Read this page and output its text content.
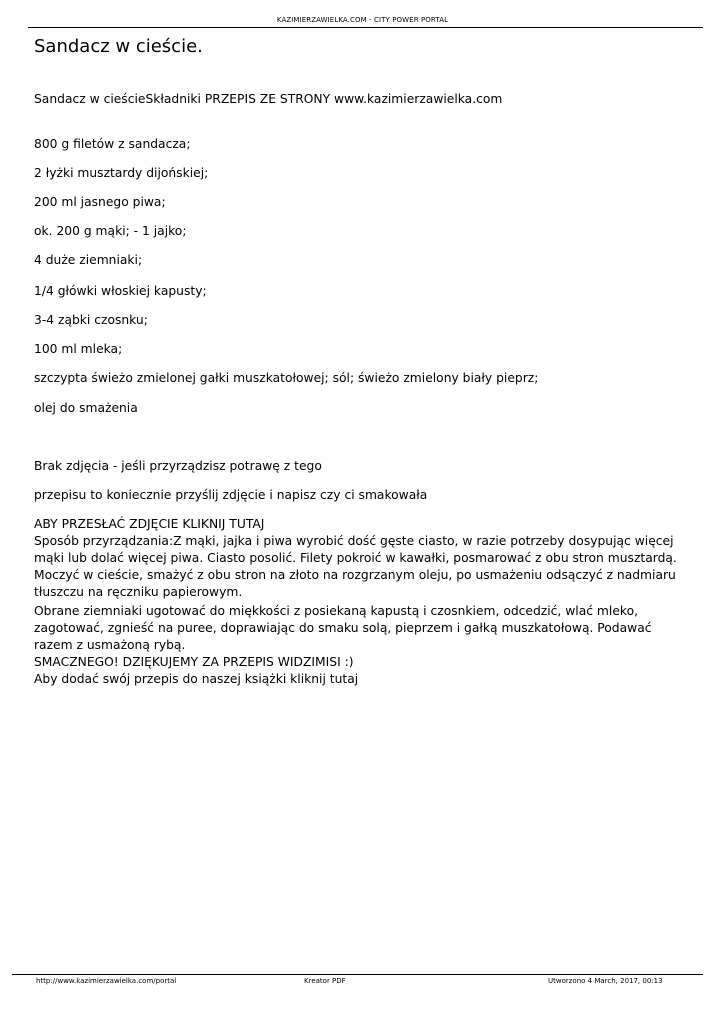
KAZIMIERZAWIELKA.COM - CITY POWER PORTAL
Sandacz w cieście.
Sandacz w cieścieSkładniki PRZEPIS ZE STRONY www.kazimierzawielka.com
800 g filetów z sandacza;
2 łyżki musztardy dijońskiej;
200 ml jasnego piwa;
ok. 200 g mąki; - 1 jajko;
4 duże ziemniaki;
1/4 główki włoskiej kapusty;
3-4 ząbki czosnku;
100 ml mleka;
szczypta świeżo zmielonej gałki muszkatołowej; sól; świeżo zmielony biały pieprz;
olej do smażenia
Brak zdjęcia - jeśli przyrządzisz potrawę z tego
przepisu to koniecznie przyślij zdjęcie i napisz czy ci smakowała
ABY PRZESŁAĆ ZDJĘCIE KLIKNIJ TUTAJ
Sposób przyrządzania:Z mąki, jajka i piwa wyrobić dość gęste ciasto, w razie potrzeby dosypując więcej
mąki lub dolać więcej piwa. Ciasto posolić. Filety pokroić w kawałki, posmarować z obu stron musztardą.
Moczyć w cieście, smażyć z obu stron na złoto na rozgrzanym oleju, po usmażeniu odsączyć z nadmiaru
tłuszczu na ręczniku papierowym.
Obrane ziemniaki ugotować do miękkości z posiekaną kapustą i czosnkiem, odcedzić, wlać mleko,
zagotować, zgnieść na puree, doprawiając do smaku solą, pieprzem i gałką muszkatołową. Podawać
razem z usmażoną rybą.
SMACZNEGO! DZIĘKUJEMY ZA PRZEPIS WIDZIMISI :)
Aby dodać swój przepis do naszej książki kliknij tutaj
http://www.kazimierzawielka.com/portal	Kreator PDF	Utworzono 4 March, 2017, 00:13
